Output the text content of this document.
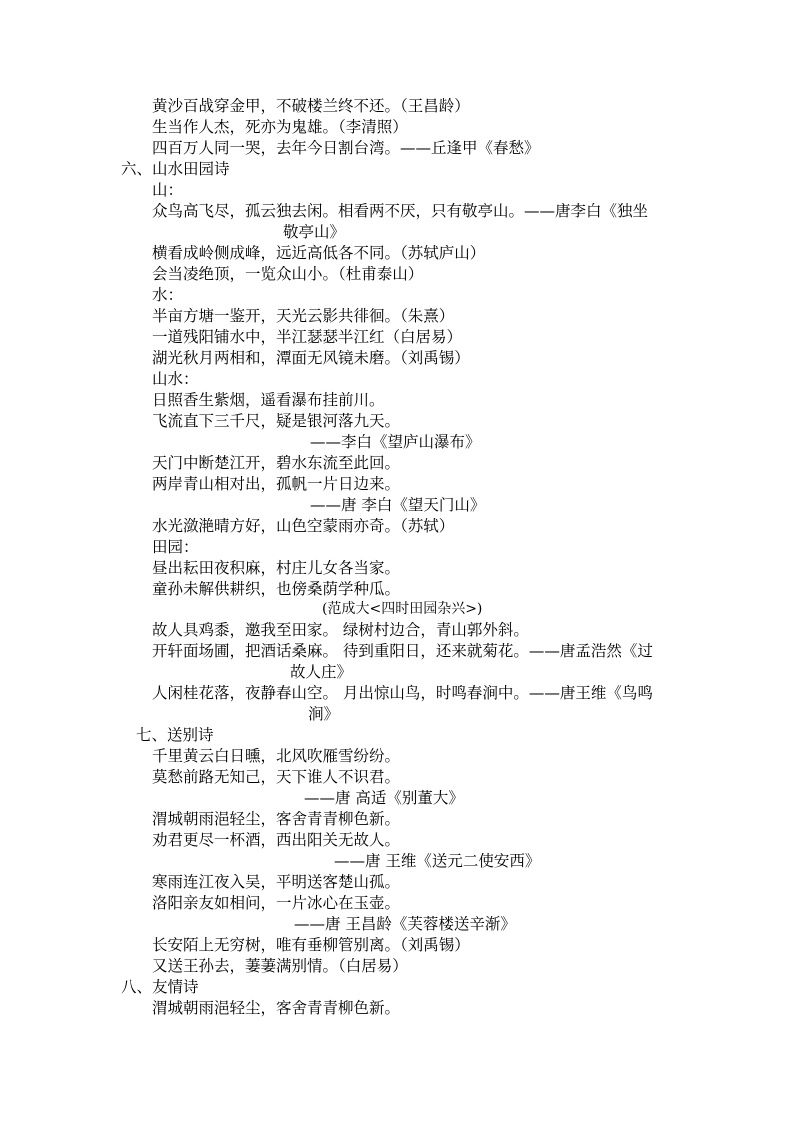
黄沙百战穿金甲，不破楼兰终不还。（王昌龄）
生当作人杰，死亦为鬼雄。（李清照）
四百万人同一哭，去年今日割台湾。——丘逢甲《春愁》
六、山水田园诗
山：
众鸟高飞尽，孤云独去闲。相看两不厌，只有敬亭山。——唐李白《独坐
敬亭山》
横看成岭侧成峰，远近高低各不同。（苏轼庐山）
会当凌绝顶，一览众山小。（杜甫泰山）
水：
半亩方塘一鉴开，天光云影共徘徊。（朱熹）
一道残阳铺水中，半江瑟瑟半江红（白居易）
湖光秋月两相和，潭面无风镜未磨。（刘禹锡）
山水：
日照香生紫烟，遥看瀑布挂前川。
飞流直下三千尺，疑是银河落九天。
——李白《望庐山瀑布》
天门中断楚江开，碧水东流至此回。
两岸青山相对出，孤帆一片日边来。
——唐 李白《望天门山》
水光潋滟晴方好，山色空蒙雨亦奇。（苏轼）
田园：
昼出耘田夜积麻，村庄儿女各当家。
童孙未解供耕织，也傍桑荫学种瓜。
(范成大<四时田园杂兴>)
故人具鸡黍，邀我至田家。 绿树村边合，青山郭外斜。
开轩面场圃，把酒话桑麻。 待到重阳日，还来就菊花。——唐孟浩然《过
故人庄》
人闲桂花落，夜静春山空。 月出惊山鸟，时鸣春涧中。——唐王维《鸟鸣
涧》
七、送别诗
千里黄云白日曛，北风吹雁雪纷纷。
莫愁前路无知己，天下谁人不识君。
——唐 高适《别董大》
渭城朝雨浥轻尘，客舍青青柳色新。
劝君更尽一杯酒，西出阳关无故人。
——唐 王维《送元二使安西》
寒雨连江夜入吴，平明送客楚山孤。
洛阳亲友如相问，一片冰心在玉壶。
——唐 王昌龄《芙蓉楼送辛渐》
长安陌上无穷树，唯有垂柳管别离。（刘禹锡）
又送王孙去，萋萋满别情。（白居易）
八、友情诗
渭城朝雨浥轻尘，客舍青青柳色新。
